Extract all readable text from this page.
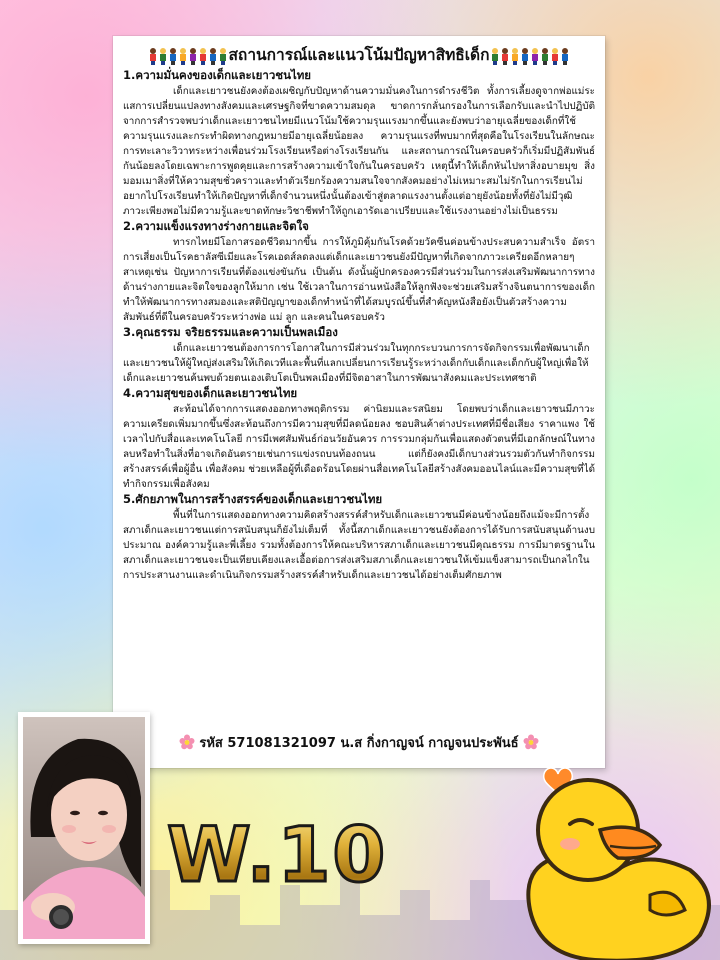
สถานการณ์และแนวโน้มปัญหาสิทธิเด็ก

1.ความมั่นคงของเด็กและเยาวชนไทย

เด็กและเยาวชนยังคงต้องเผชิญกับปัญหาด้านความมั่นคงในการดำรงชีวิต ทั้งการเลี้ยงดูจากพ่อแม่ระแสการเปลี่ยนแปลงทางสังคมและเศรษฐกิจที่ขาดความสมดุล ขาดการกลั่นกรองในการเลือกรับและนำไปปฏิบัติ จากการสำรวจพบว่าเด็กและเยาวชนไทยมีแนวโน้มใช้ความรุนแรงมากขึ้นและยังพบว่าอายุเฉลี่ยของเด็กที่ใช้ความรุนแรงและกระทำผิดทางกฎหมายมีอายุเฉลี่ยน้อยลง ความรุนแรงที่พบมากที่สุดคือในโรงเรียนในลักษณะการทะเลาะวิวาทระหว่างเพื่อนร่วมโรงเรียนหรือต่างโรงเรียนกัน และสถานการณ์ในครอบครัวก็เริ่มมีปฏิสัมพันธ์กันน้อยลงโดยเฉพาะการพูดคุยและการสร้างความเข้าใจกันในครอบครัว เหตุนี้ทำให้เด็กหันไปหาสิ่งอบายมุข สิ่งมอมเมาสิ่งที่ให้ความสุขชั่วคราวและทำตัวเรียกร้องความสนใจจากสังคมอย่างไม่เหมาะสมไม่รักในการเรียนไม่อยากไปโรงเรียนทำให้เกิดปัญหาที่เด็กจำนวนหนึ่งนั้นต้องเข้าสู่ตลาดแรงงานตั้งแต่อายุยังน้อยทั้งที่ยังไม่มีวุฒิภาวะเพียงพอไม่มีความรู้และขาดทักษะวิชาชีพทำให้ถูกเอารัดเอาเปรียบและใช้แรงงานอย่างไม่เป็นธรรม

2.ความแข็งแรงทางร่างกายและจิตใจ

ทารกไทยมีโอกาสรอดชีวิตมากขึ้น การให้ภูมิคุ้มกันโรคด้วยวัคซีนค่อนข้างประสบความสำเร็จ อัตราการเสี่ยงเป็นโรคธาลัสซีเมียและโรคเอดส์ลดลงแต่เด็กและเยาวชนยังมีปัญหาที่เกิดจากภาวะเครียดอีกหลายๆสาเหตุเช่น ปัญหาการเรียนที่ต้องแข่งขันกัน เป็นต้น ดังนั้นผู้ปกครองควรมีส่วนร่วมในการส่งเสริมพัฒนาการทางด้านร่างกายและจิตใจของลูกให้มาก เช่น ใช้เวลาในการอ่านหนังสือให้ลูกฟังจะช่วยเสริมสร้างจินตนาการของเด็กทำให้พัฒนาการทางสมองและสติปัญญาของเด็กทำหน้าที่ได้สมบูรณ์ขึ้นที่สำคัญหนังสือยังเป็นตัวสร้างความสัมพันธ์ที่ดีในครอบครัวระหว่างพ่อ แม่ ลูก และคนในครอบครัว

3.คุณธรรม จริยธรรมและความเป็นพลเมือง

เด็กและเยาวชนต้องการการโอกาสในการมีส่วนร่วมในทุกกระบวนการการจัดกิจกรรมเพื่อพัฒนาเด็กและเยาวชนให้ผู้ใหญ่ส่งเสริมให้เกิดเวทีและพื้นที่แลกเปลี่ยนการเรียนรู้ระหว่างเด็กกับเด็กและเด็กกับผู้ใหญ่เพื่อให้เด็กและเยาวชนค้นพบด้วยตนเองเติบโตเป็นพลเมืองที่มีจิตอาสาในการพัฒนาสังคมและประเทศชาติ

4.ความสุขของเด็กและเยาวชนไทย

สะท้อนได้จากการแสดงออกทางพฤติกรรม ค่านิยมและรสนิยม โดยพบว่าเด็กและเยาวชนมีภาวะความเครียดเพิ่มมากขึ้นซึ่งสะท้อนถึงการมีความสุขที่มีลดน้อยลง ชอบสินค้าต่างประเทศที่มีชื่อเสียง ราคาแพง ใช้เวลาไปกับสื่อและเทคโนโลยี การมีเพศสัมพันธ์ก่อนวัยอันควร การรวมกลุ่มกันเพื่อแสดงตัวตนที่มีเอกลักษณ์ในทางลบหรือทำในสิ่งที่อาจเกิดอันตรายเช่นการแข่งรถบนท้องถนน แต่ก็ยังคงมีเด็กบางส่วนรวมตัวกันทำกิจกรรมสร้างสรรค์เพื่อผู้อื่น เพื่อสังคม ช่วยเหลือผู้ที่เดือดร้อนโดยผ่านสื่อเทคโนโลยีสร้างสังคมออนไลน์และมีความสุขที่ได้ทำกิจกรรมเพื่อสังคม

5.ศักยภาพในการสร้างสรรค์ของเด็กและเยาวชนไทย

พื้นที่ในการแสดงออกทางความคิดสร้างสรรค์สำหรับเด็กและเยาวชนมีค่อนข้างน้อยถึงแม้จะมีการตั้งสภาเด็กและเยาวชนแต่การสนับสนุนก็ยังไม่เต็มที่ ทั้งนี้สภาเด็กและเยาวชนยังต้องการได้รับการสนับสนุนด้านงบประมาณ องค์ความรู้และพี่เลี้ยง รวมทั้งต้องการให้คณะบริหารสภาเด็กและเยาวชนมีคุณธรรม การมีมาตรฐานในสภาเด็กและเยาวชนจะเป็นเทียบเคียงและเอื้อต่อการส่งเสริมสภาเด็กและเยาวชนให้เข้มแข็งสามารถเป็นกลไกในการประสานงานและดำเนินกิจกรรมสร้างสรรค์สำหรับเด็กและเยาวชนได้อย่างเต็มศักยภาพ

รหัส 571081321097 น.ส กิ่งกาญจน์ กาญจนประพันธ์
W.10
